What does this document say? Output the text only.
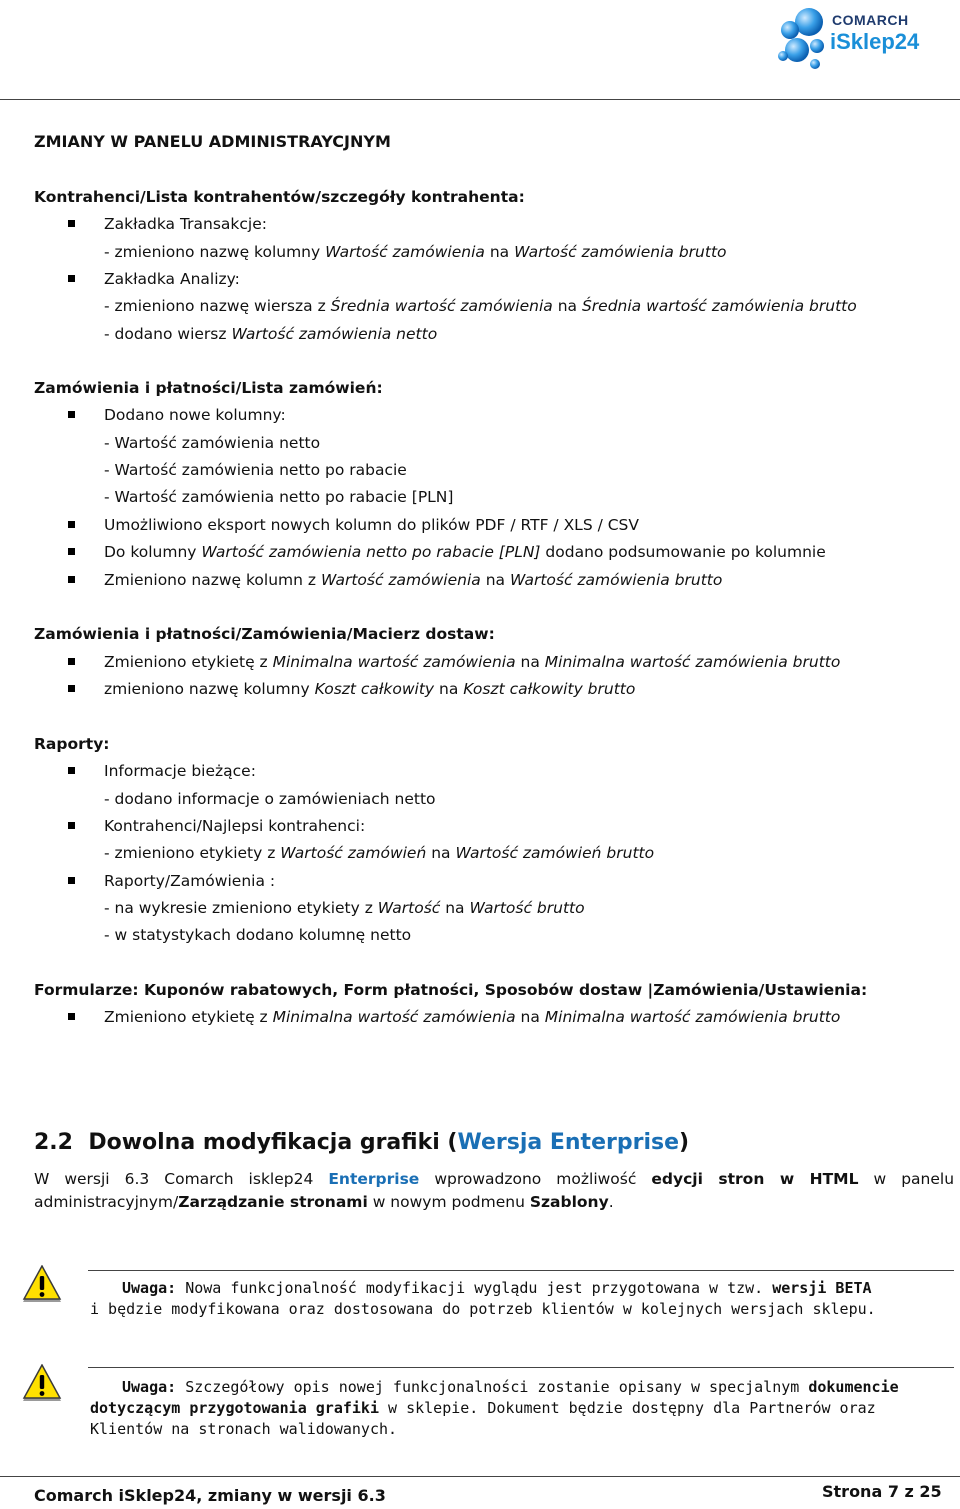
COMARCH
iSklep24
ZMIANY W PANELU ADMINISTRAYCJNYM
Kontrahenci/Lista kontrahentów/szczegóły kontrahenta:
Zakładka Transakcje:
- zmieniono nazwę kolumny Wartość zamówienia na Wartość zamówienia brutto
Zakładka Analizy:
- zmieniono nazwę wiersza z Średnia wartość zamówienia na Średnia wartość zamówienia brutto
- dodano wiersz Wartość zamówienia netto
Zamówienia i płatności/Lista zamówień:
Dodano nowe kolumny:
- Wartość zamówienia netto
- Wartość zamówienia netto po rabacie
- Wartość zamówienia netto po rabacie [PLN]
Umożliwiono eksport nowych kolumn do plików PDF / RTF / XLS / CSV
Do kolumny Wartość zamówienia netto po rabacie [PLN] dodano podsumowanie po kolumnie
Zmieniono nazwę kolumn z Wartość zamówienia na Wartość zamówienia brutto
Zamówienia i płatności/Zamówienia/Macierz dostaw:
Zmieniono etykietę z Minimalna wartość zamówienia na Minimalna wartość zamówienia brutto
zmieniono nazwę kolumny Koszt całkowity na Koszt całkowity brutto
Raporty:
Informacje bieżące:
- dodano informacje o zamówieniach netto
Kontrahenci/Najlepsi kontrahenci:
- zmieniono etykiety z Wartość zamówień na Wartość zamówień brutto
Raporty/Zamówienia :
- na wykresie zmieniono etykiety z Wartość na Wartość brutto
- w statystykach dodano kolumnę netto
Formularze: Kuponów rabatowych, Form płatności, Sposobów dostaw |Zamówienia/Ustawienia:
Zmieniono etykietę z Minimalna wartość zamówienia na Minimalna wartość zamówienia brutto
2.2 Dowolna modyfikacja grafiki (Wersja Enterprise)
W wersji 6.3 Comarch isklep24 Enterprise wprowadzono możliwość edycji stron w HTML w panelu administracyjnym/Zarządzanie stronami w nowym podmenu Szablony.
Uwaga: Nowa funkcjonalność modyfikacji wyglądu jest przygotowana w tzw. wersji BETA
i będzie modyfikowana oraz dostosowana do potrzeb klientów w kolejnych wersjach sklepu.
Uwaga: Szczegółowy opis nowej funkcjonalności zostanie opisany w specjalnym dokumencie
dotyczącym przygotowania grafiki w sklepie. Dokument będzie dostępny dla Partnerów oraz
Klientów na stronach walidowanych.
Comarch iSklep24, zmiany w wersji 6.3	Strona 7 z 25
